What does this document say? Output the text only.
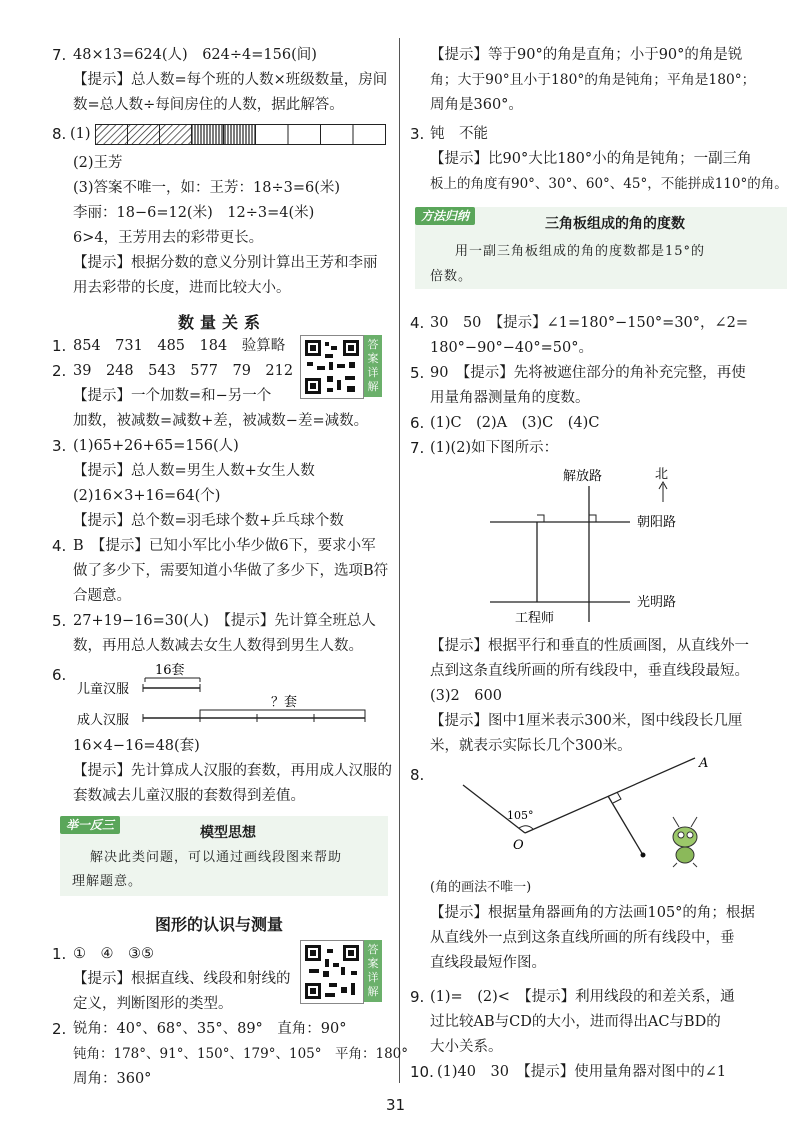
7. 48×13=624(人)　624÷4=156(间)
【提示】总人数=每个班的人数×班级数量，房间
数=总人数÷每间房住的人数，据此解答。
8. (1)
(2)王芳
(3)答案不唯一，如：王芳：18÷3=6(米)
李丽：18−6=12(米)　12÷3=4(米)
6>4，王芳用去的彩带更长。
【提示】根据分数的意义分别计算出王芳和李丽
用去彩带的长度，进而比较大小。
数量关系
答案详解
1. 854　731　485　184　验算略
2. 39　248　543　577　79　212
【提示】一个加数=和−另一个
加数，被减数=减数+差，被减数−差=减数。
3. (1)65+26+65=156(人)
【提示】总人数=男生人数+女生人数
(2)16×3+16=64(个)
【提示】总个数=羽毛球个数+乒乓球个数
4. B　【提示】已知小军比小华少做6下，要求小军
做了多少下，需要知道小华做了多少下，选项B符
合题意。
5. 27+19−16=30(人)　【提示】先计算全班总人
数，再用总人数减去女生人数得到男生人数。
6.	16套
儿童汉服
？套
成人汉服
16×4−16=48(套)
【提示】先计算成人汉服的套数，再用成人汉服的
套数减去儿童汉服的套数得到差值。
举一反三	模型思想
解决此类问题，可以通过画线段图来帮助
理解题意。
图形的认识与测量
答案详解
1. ①　④　③⑤
【提示】根据直线、线段和射线的
定义，判断图形的类型。
2. 锐角：40°、68°、35°、89°　直角：90°
钝角：178°、91°、150°、179°、105°　平角：180°
周角：360°
【提示】等于90°的角是直角；小于90°的角是锐
角；大于90°且小于180°的角是钝角；平角是180°；
周角是360°。
3. 钝　不能
【提示】比90°大比180°小的角是钝角；一副三角
板上的角度有90°、30°、60°、45°，不能拼成110°的角。
方法归纳	三角板组成的角的度数
用一副三角板组成的角的度数都是15°的
倍数。
4. 30　50　【提示】∠1=180°−150°=30°，∠2=
180°−90°−40°=50°。
5. 90　【提示】先将被遮住部分的角补充完整，再使
用量角器测量角的度数。
6. (1)C　(2)A　(3)C　(4)C
7. (1)(2)如下图所示：
解放路	北
朝阳路
光明路
工程师
【提示】根据平行和垂直的性质画图，从直线外一
点到这条直线所画的所有线段中，垂直线段最短。
(3)2　600
【提示】图中1厘米表示300米，图中线段长几厘
米，就表示实际长几个300米。
8.
A
O
105°
(角的画法不唯一)
【提示】根据量角器画角的方法画105°的角；根据
从直线外一点到这条直线所画的所有线段中，垂
直线段最短作图。
9. (1)=　(2)<　【提示】利用线段的和差关系，通
过比较AB与CD的大小，进而得出AC与BD的
大小关系。
10. (1)40　30　【提示】使用量角器对图中的∠1
31
